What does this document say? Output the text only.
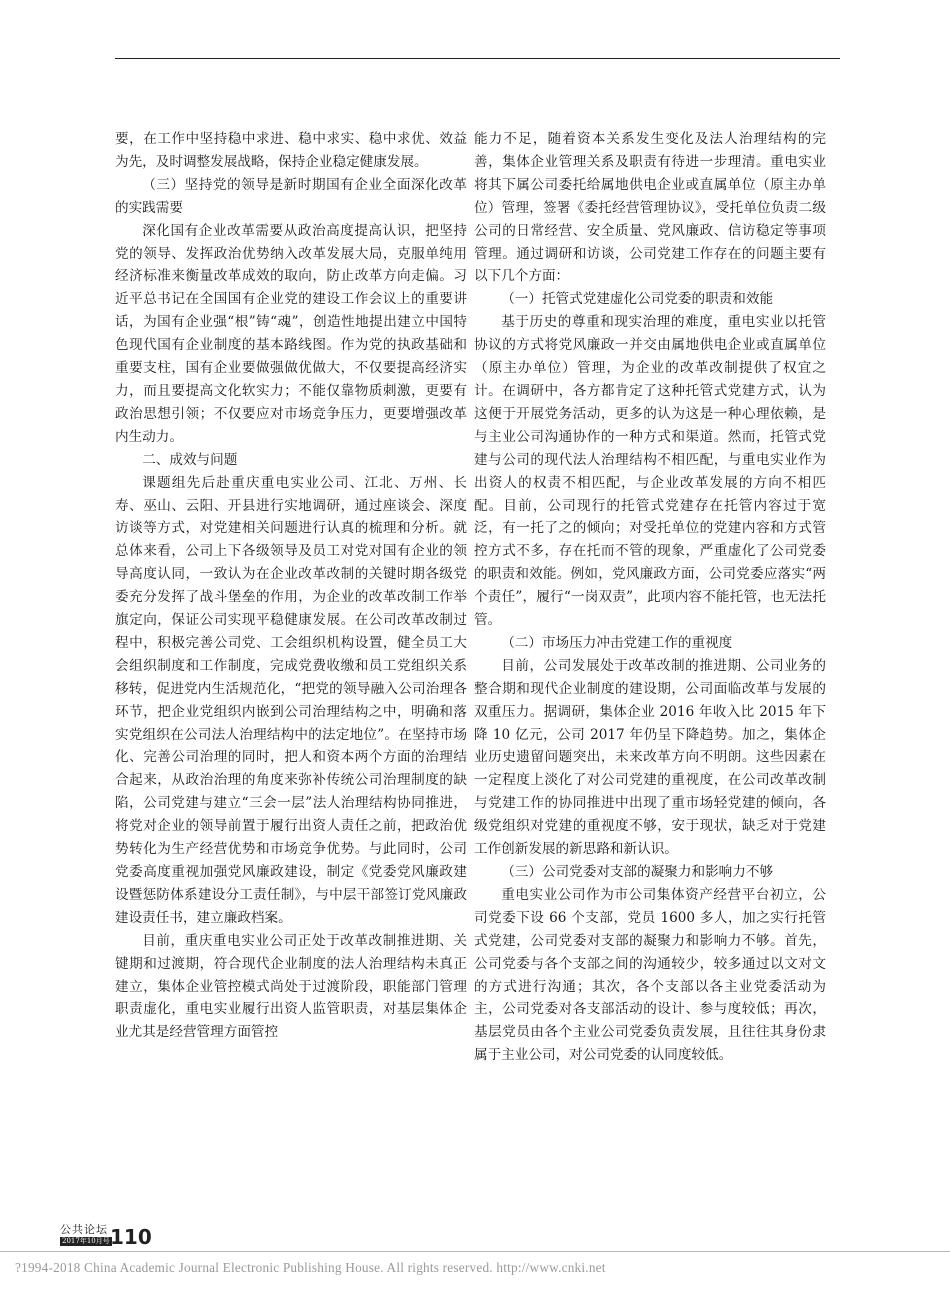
要，在工作中坚持稳中求进、稳中求实、稳中求优、效益为先，及时调整发展战略，保持企业稳定健康发展。

（三）坚持党的领导是新时期国有企业全面深化改革的实践需要

深化国有企业改革需要从政治高度提高认识，把坚持党的领导、发挥政治优势纳入改革发展大局，克服单纯用经济标准来衡量改革成效的取向，防止改革方向走偏。习近平总书记在全国国有企业党的建设工作会议上的重要讲话，为国有企业强“根”铸“魂”，创造性地提出建立中国特色现代国有企业制度的基本路线图。作为党的执政基础和重要支柱，国有企业要做强做优做大，不仅要提高经济实力，而且要提高文化软实力；不能仅靠物质刺激，更要有政治思想引领；不仅要应对市场竞争压力，更要增强改革内生动力。

二、成效与问题

课题组先后赴重庆重电实业公司、江北、万州、长寿、巫山、云阳、开县进行实地调研，通过座谈会、深度访谈等方式，对党建相关问题进行认真的梳理和分析。就总体来看，公司上下各级领导及员工对党对国有企业的领导高度认同，一致认为在企业改革改制的关键时期各级党委充分发挥了战斗堡垒的作用，为企业的改革改制工作举旗定向，保证公司实现平稳健康发展。在公司改革改制过程中，积极完善公司党、工会组织机构设置，健全员工大会组织制度和工作制度，完成党费收缴和员工党组织关系移转，促进党内生活规范化，“把党的领导融入公司治理各环节，把企业党组织内嵌到公司治理结构之中，明确和落实党组织在公司法人治理结构中的法定地位”。在坚持市场化、完善公司治理的同时，把人和资本两个方面的治理结合起来，从政治治理的角度来弥补传统公司治理制度的缺陷，公司党建与建立“三会一层”法人治理结构协同推进，将党对企业的领导前置于履行出资人责任之前，把政治优势转化为生产经营优势和市场竞争优势。与此同时，公司党委高度重视加强党风廉政建设，制定《党委党风廉政建设暨惩防体系建设分工责任制》，与中层干部签订党风廉政建设责任书，建立廉政档案。

目前，重庆重电实业公司正处于改革改制推进期、关键期和过渡期，符合现代企业制度的法人治理结构未真正建立，集体企业管控模式尚处于过渡阶段，职能部门管理职责虚化，重电实业履行出资人监管职责，对基层集体企业尤其是经营管理方面管控

能力不足，随着资本关系发生变化及法人治理结构的完善，集体企业管理关系及职责有待进一步理清。重电实业将其下属公司委托给属地供电企业或直属单位（原主办单位）管理，签署《委托经营管理协议》，受托单位负责二级公司的日常经营、安全质量、党风廉政、信访稳定等事项管理。通过调研和访谈，公司党建工作存在的问题主要有以下几个方面：

（一）托管式党建虚化公司党委的职责和效能

基于历史的尊重和现实治理的难度，重电实业以托管协议的方式将党风廉政一并交由属地供电企业或直属单位（原主办单位）管理，为企业的改革改制提供了权宜之计。在调研中，各方都肯定了这种托管式党建方式，认为这便于开展党务活动，更多的认为这是一种心理依赖，是与主业公司沟通协作的一种方式和渠道。然而，托管式党建与公司的现代法人治理结构不相匹配，与重电实业作为出资人的权责不相匹配，与企业改革发展的方向不相匹配。目前，公司现行的托管式党建存在托管内容过于宽泛，有一托了之的倾向；对受托单位的党建内容和方式管控方式不多，存在托而不管的现象，严重虚化了公司党委的职责和效能。例如，党风廉政方面，公司党委应落实“两个责任”，履行“一岗双责”，此项内容不能托管，也无法托管。

（二）市场压力冲击党建工作的重视度

目前，公司发展处于改革改制的推进期、公司业务的整合期和现代企业制度的建设期，公司面临改革与发展的双重压力。据调研，集体企业 2016 年收入比 2015 年下降 10 亿元，公司 2017 年仍呈下降趋势。加之，集体企业历史遗留问题突出，未来改革方向不明朗。这些因素在一定程度上淡化了对公司党建的重视度，在公司改革改制与党建工作的协同推进中出现了重市场轻党建的倾向，各级党组织对党建的重视度不够，安于现状，缺乏对于党建工作创新发展的新思路和新认识。

（三）公司党委对支部的凝聚力和影响力不够

重电实业公司作为市公司集体资产经营平台初立，公司党委下设 66 个支部，党员 1600 多人，加之实行托管式党建，公司党委对支部的凝聚力和影响力不够。首先，公司党委与各个支部之间的沟通较少，较多通过以文对文的方式进行沟通；其次，各个支部以各主业党委活动为主，公司党委对各支部活动的设计、参与度较低；再次，基层党员由各个主业公司党委负责发展，且往往其身份隶属于主业公司，对公司党委的认同度较低。

公共论坛
2017年10月号 110
?1994-2018 China Academic Journal Electronic Publishing House. All rights reserved. http://www.cnki.net
